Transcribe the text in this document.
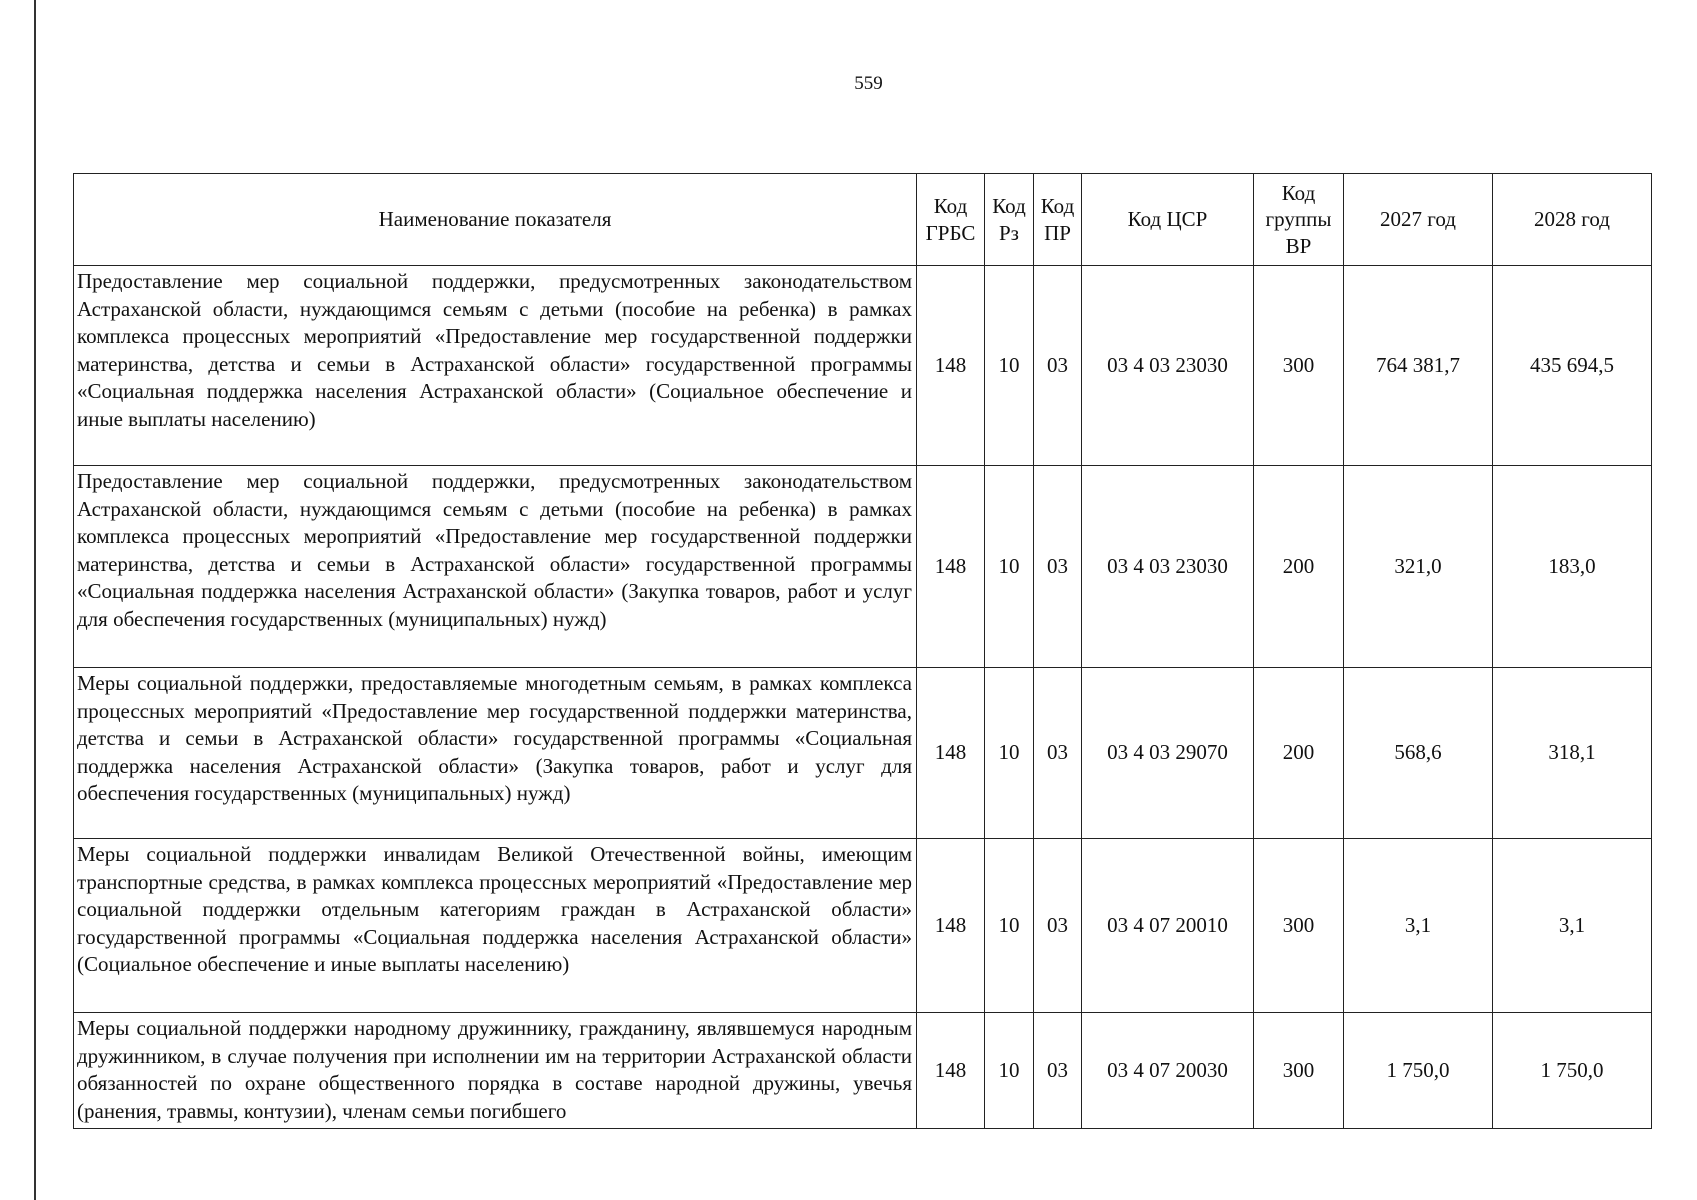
559
Наименование показателя	Код ГРБС	Код Рз	Код ПР	Код ЦСР	Код группы ВР	2027 год	2028 год
Предоставление мер социальной поддержки, предусмотренных законодательством Астраханской области, нуждающимся семьям с детьми (пособие на ребенка) в рамках комплекса процессных мероприятий «Предоставление мер государственной поддержки материнства, детства и семьи в Астраханской области» государственной программы «Социальная поддержка населения Астраханской области» (Социальное обеспечение и иные выплаты населению)	148	10	03	03 4 03 23030	300	764 381,7	435 694,5
Предоставление мер социальной поддержки, предусмотренных законодательством Астраханской области, нуждающимся семьям с детьми (пособие на ребенка) в рамках комплекса процессных мероприятий «Предоставление мер государственной поддержки материнства, детства и семьи в Астраханской области» государственной программы «Социальная поддержка населения Астраханской области» (Закупка товаров, работ и услуг для обеспечения государственных (муниципальных) нужд)	148	10	03	03 4 03 23030	200	321,0	183,0
Меры социальной поддержки, предоставляемые многодетным семьям, в рамках комплекса процессных мероприятий «Предоставление мер государственной поддержки материнства, детства и семьи в Астраханской области» государственной программы «Социальная поддержка населения Астраханской области» (Закупка товаров, работ и услуг для обеспечения государственных (муниципальных) нужд)	148	10	03	03 4 03 29070	200	568,6	318,1
Меры социальной поддержки инвалидам Великой Отечественной войны, имеющим транспортные средства, в рамках комплекса процессных мероприятий «Предоставление мер социальной поддержки отдельным категориям граждан в Астраханской области» государственной программы «Социальная поддержка населения Астраханской области» (Социальное обеспечение и иные выплаты населению)	148	10	03	03 4 07 20010	300	3,1	3,1
Меры социальной поддержки народному дружиннику, гражданину, являвшемуся народным дружинником, в случае получения при исполнении им на территории Астраханской области обязанностей по охране общественного порядка в составе народной дружины, увечья (ранения, травмы, контузии), членам семьи погибшего	148	10	03	03 4 07 20030	300	1 750,0	1 750,0
